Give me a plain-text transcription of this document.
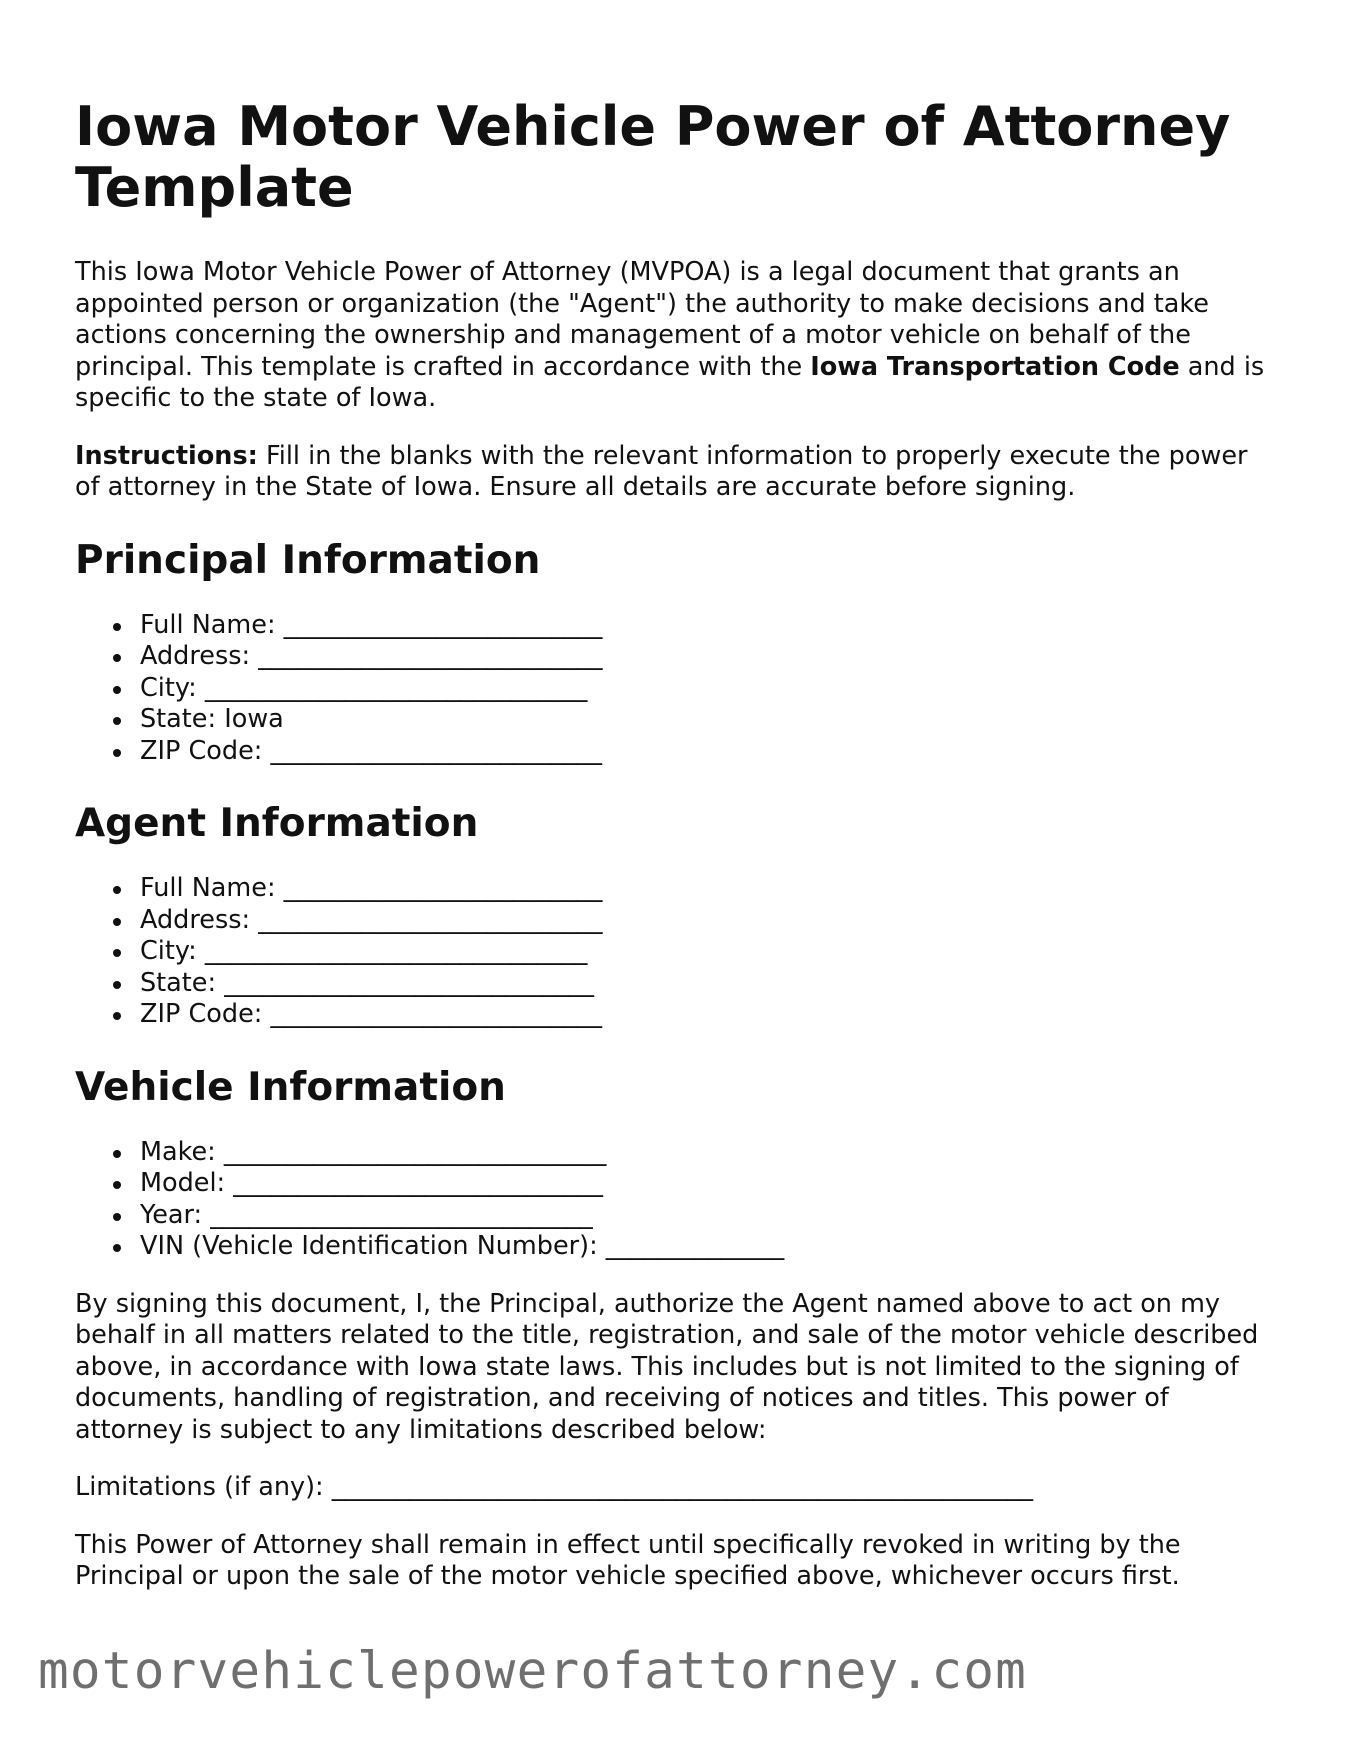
Iowa Motor Vehicle Power of Attorney Template

This Iowa Motor Vehicle Power of Attorney (MVPOA) is a legal document that grants an appointed person or organization (the "Agent") the authority to make decisions and take actions concerning the ownership and management of a motor vehicle on behalf of the principal. This template is crafted in accordance with the Iowa Transportation Code and is specific to the state of Iowa.

Instructions: Fill in the blanks with the relevant information to properly execute the power of attorney in the State of Iowa. Ensure all details are accurate before signing.

Principal Information
Full Name: _________________________
Address: ___________________________
City: ______________________________
State: Iowa
ZIP Code: __________________________
Agent Information
Full Name: _________________________
Address: ___________________________
City: ______________________________
State: _____________________________
ZIP Code: __________________________
Vehicle Information
Make: ______________________________
Model: _____________________________
Year: ______________________________
VIN (Vehicle Identification Number): ______________

By signing this document, I, the Principal, authorize the Agent named above to act on my behalf in all matters related to the title, registration, and sale of the motor vehicle described above, in accordance with Iowa state laws. This includes but is not limited to the signing of documents, handling of registration, and receiving of notices and titles. This power of attorney is subject to any limitations described below:

Limitations (if any): _______________________________________________________

This Power of Attorney shall remain in effect until specifically revoked in writing by the Principal or upon the sale of the motor vehicle specified above, whichever occurs first.

motorvehiclepowerofattorney.com
